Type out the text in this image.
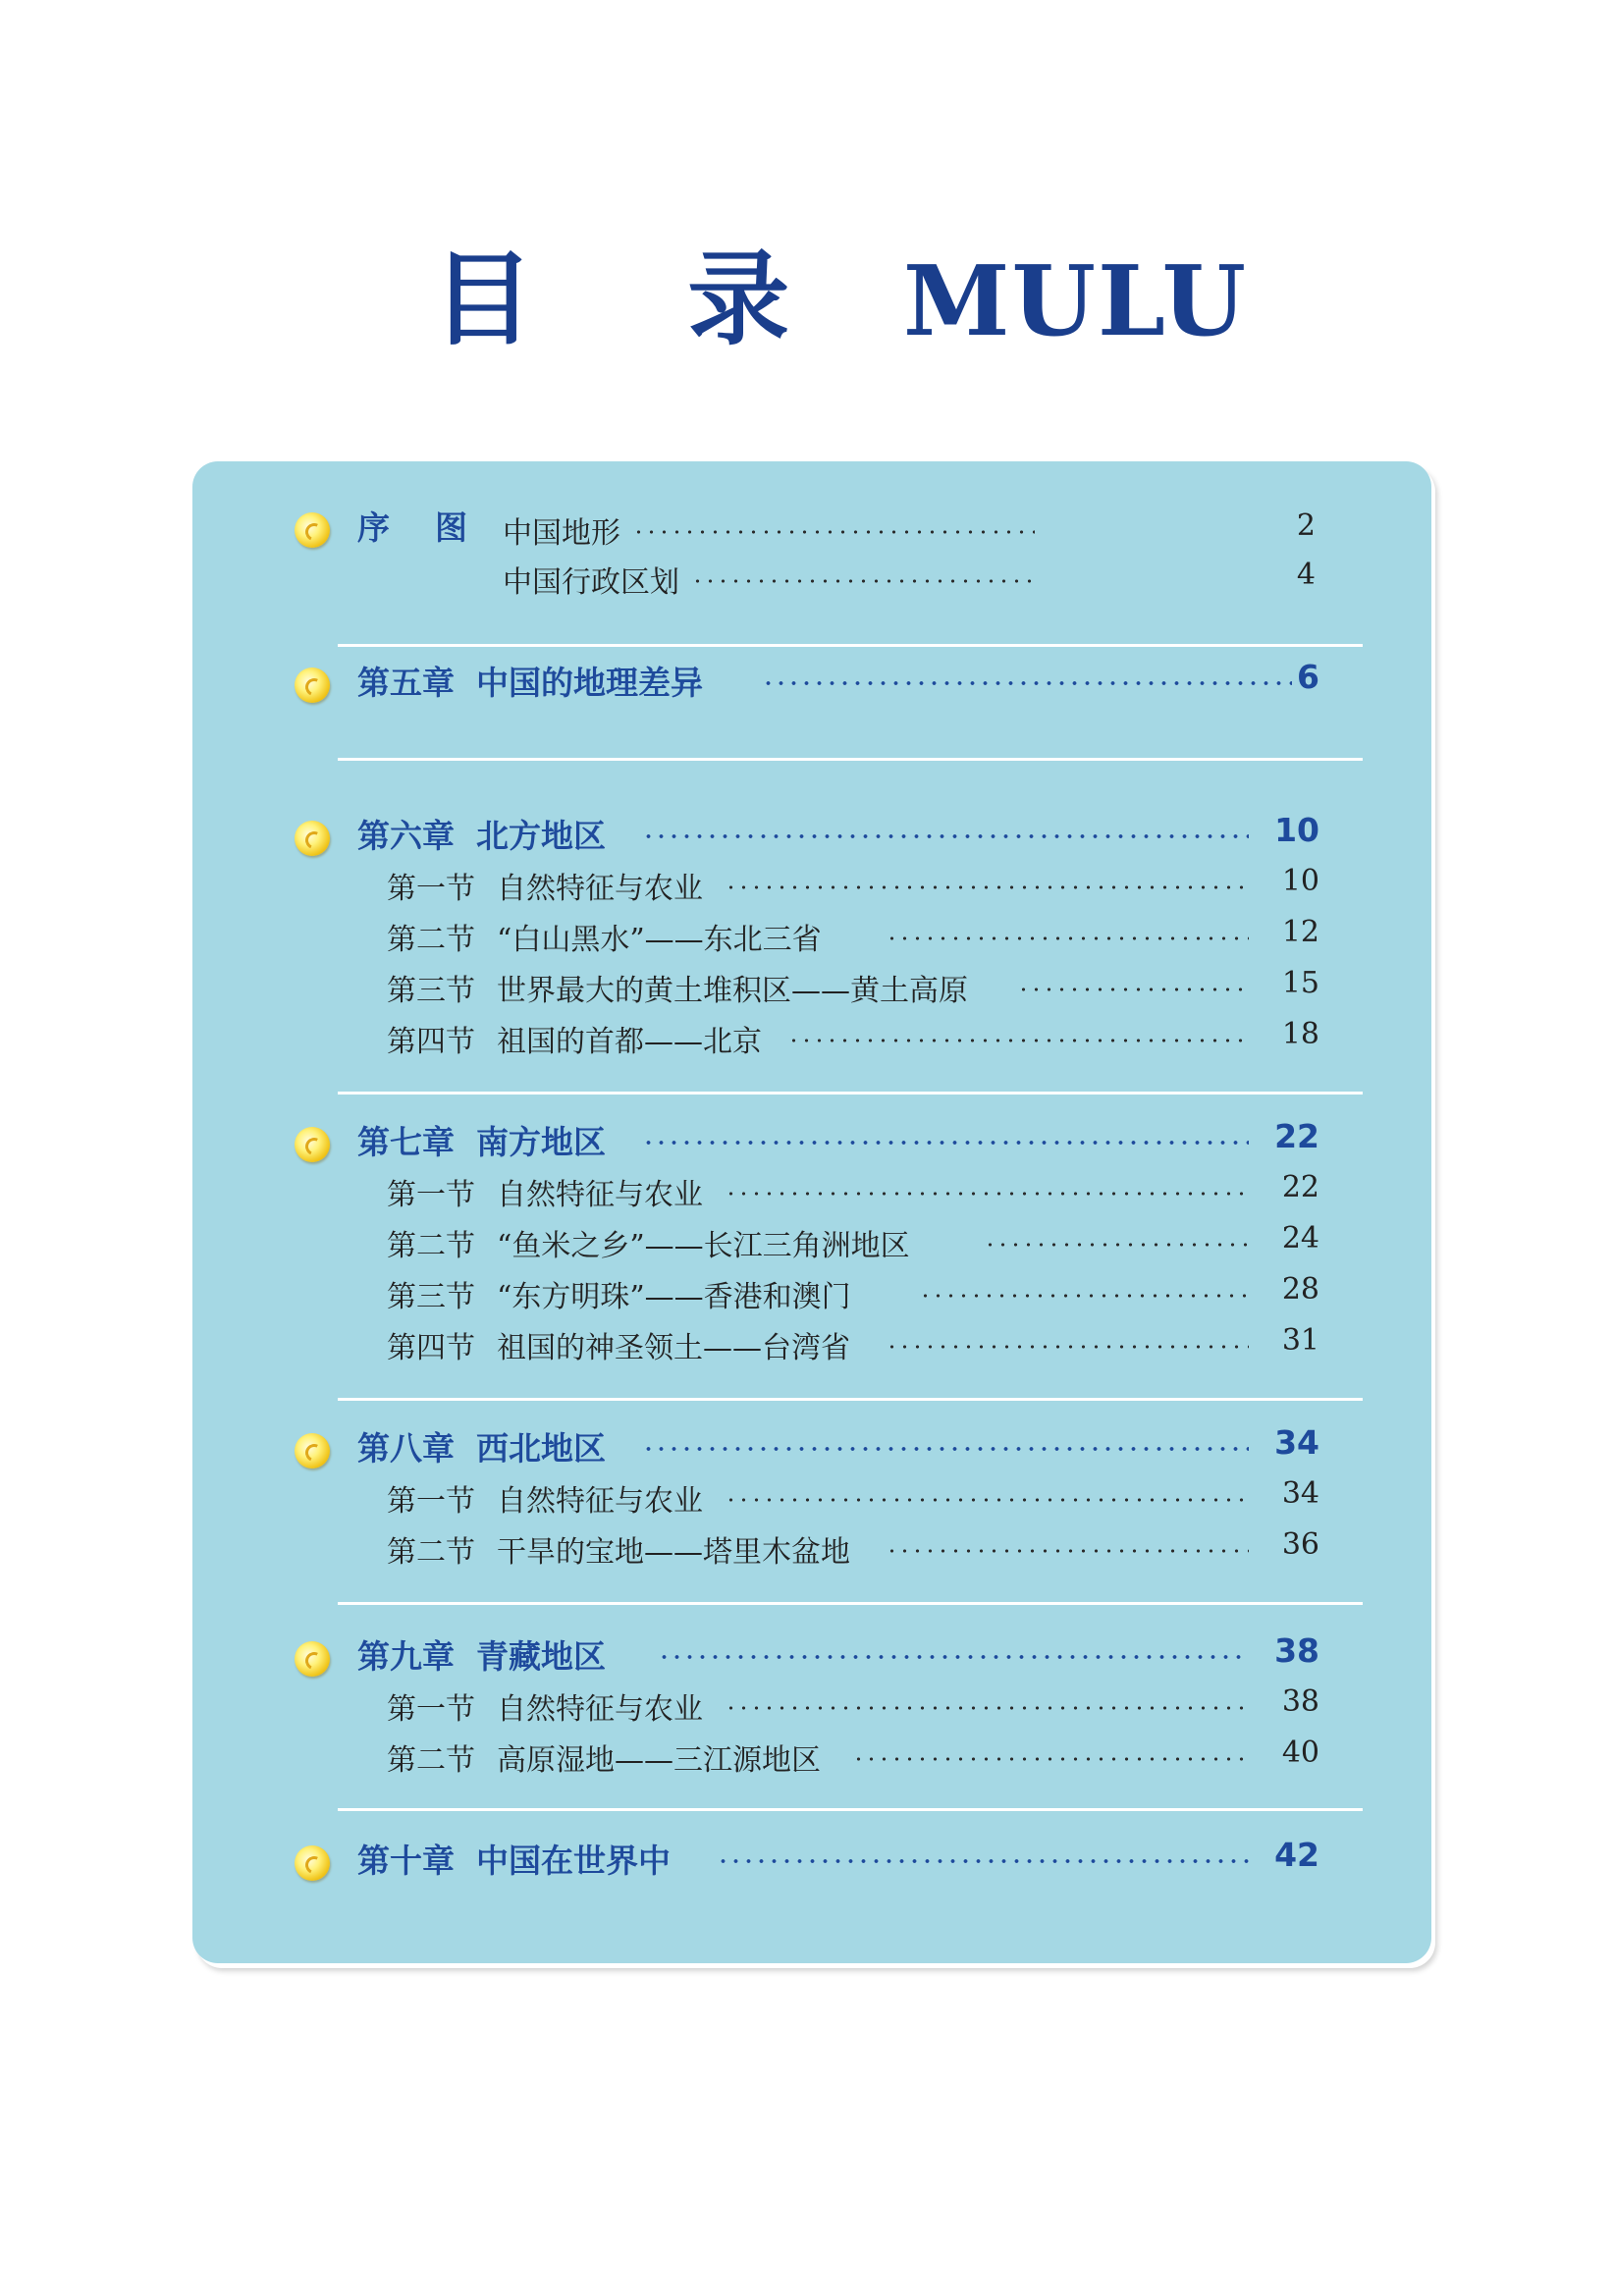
目 录 MULU
序    图 中国地形	2
中国行政区划	4
第五章 中国的地理差异	6
第六章 北方地区	10
第一节 自然特征与农业	10
第二节 “白山黑水”——东北三省	12
第三节 世界最大的黄土堆积区——黄土高原	15
第四节 祖国的首都——北京	18
第七章 南方地区	22
第一节 自然特征与农业	22
第二节 “鱼米之乡”——长江三角洲地区	24
第三节 “东方明珠”——香港和澳门	28
第四节 祖国的神圣领土——台湾省	31
第八章 西北地区	34
第一节 自然特征与农业	34
第二节 干旱的宝地——塔里木盆地	36
第九章 青藏地区	38
第一节 自然特征与农业	38
第二节 高原湿地——三江源地区	40
第十章 中国在世界中	42
